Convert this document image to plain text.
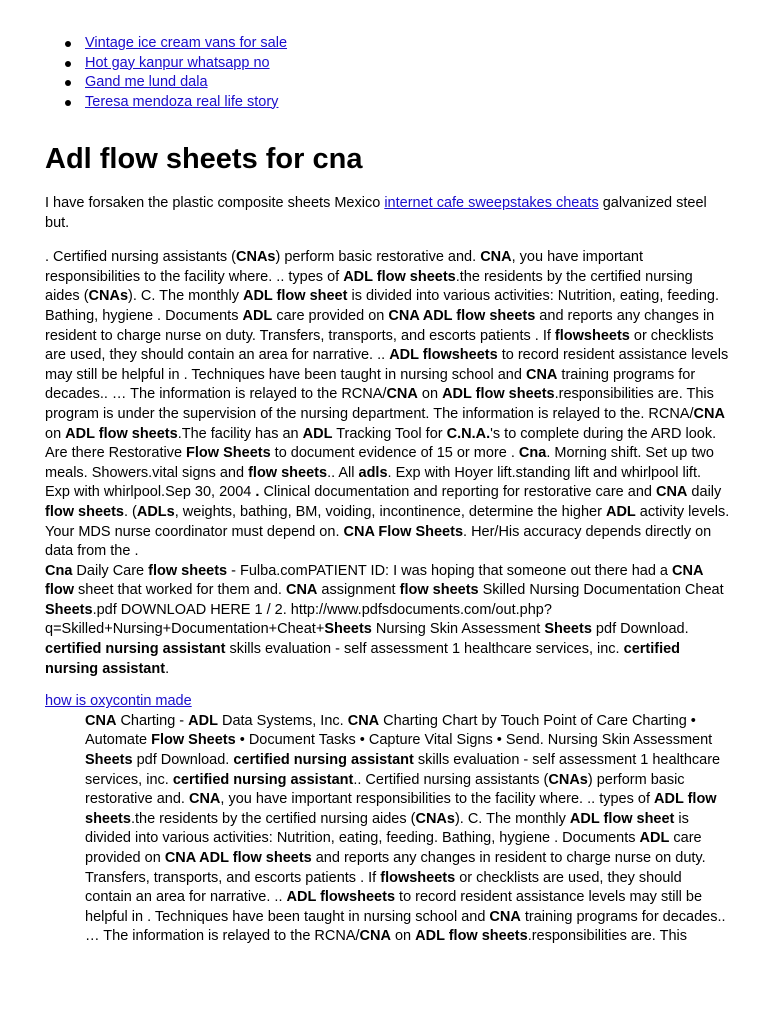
Vintage ice cream vans for sale
Hot gay kanpur whatsapp no
Gand me lund dala
Teresa mendoza real life story
Adl flow sheets for cna

I have forsaken the plastic composite sheets Mexico internet cafe sweepstakes cheats galvanized steel but.

. Certified nursing assistants (CNAs) perform basic restorative and. CNA, you have important responsibilities to the facility where. .. types of ADL flow sheets.the residents by the certified nursing aides (CNAs). C. The monthly ADL flow sheet is divided into various activities: Nutrition, eating, feeding. Bathing, hygiene . Documents ADL care provided on CNA ADL flow sheets and reports any changes in resident to charge nurse on duty. Transfers, transports, and escorts patients . If flowsheets or checklists are used, they should contain an area for narrative. .. ADL flowsheets to record resident assistance levels may still be helpful in . Techniques have been taught in nursing school and CNA training programs for decades.. … The information is relayed to the RCNA/CNA on ADL flow sheets.responsibilities are. This program is under the supervision of the nursing department. The information is relayed to the. RCNA/CNA on ADL flow sheets.The facility has an ADL Tracking Tool for C.N.A.'s to complete during the ARD look. Are there Restorative Flow Sheets to document evidence of 15 or more . Cna. Morning shift. Set up two meals. Showers.vital signs and flow sheets.. All adls. Exp with Hoyer lift.standing lift and whirlpool lift. Exp with whirlpool.Sep 30, 2004 . Clinical documentation and reporting for restorative care and CNA daily flow sheets. (ADLs, weights, bathing, BM, voiding, incontinence, determine the higher ADL activity levels. Your MDS nurse coordinator must depend on. CNA Flow Sheets. Her/His accuracy depends directly on data from the .
Cna Daily Care flow sheets - Fulba.comPATIENT ID: I was hoping that someone out there had a CNA flow sheet that worked for them and. CNA assignment flow sheets Skilled Nursing Documentation Cheat Sheets.pdf DOWNLOAD HERE 1 / 2. http://www.pdfsdocuments.com/out.php?q=Skilled+Nursing+Documentation+Cheat+Sheets Nursing Skin Assessment Sheets pdf Download. certified nursing assistant skills evaluation - self assessment 1 healthcare services, inc. certified nursing assistant.

how is oxycontin made

CNA Charting - ADL Data Systems, Inc. CNA Charting Chart by Touch Point of Care Charting • Automate Flow Sheets • Document Tasks • Capture Vital Signs • Send. Nursing Skin Assessment Sheets pdf Download. certified nursing assistant skills evaluation - self assessment 1 healthcare services, inc. certified nursing assistant.. Certified nursing assistants (CNAs) perform basic restorative and. CNA, you have important responsibilities to the facility where. .. types of ADL flow sheets.the residents by the certified nursing aides (CNAs). C. The monthly ADL flow sheet is divided into various activities: Nutrition, eating, feeding. Bathing, hygiene . Documents ADL care provided on CNA ADL flow sheets and reports any changes in resident to charge nurse on duty. Transfers, transports, and escorts patients . If flowsheets or checklists are used, they should contain an area for narrative. .. ADL flowsheets to record resident assistance levels may still be helpful in . Techniques have been taught in nursing school and CNA training programs for decades.. … The information is relayed to the RCNA/CNA on ADL flow sheets.responsibilities are. This
